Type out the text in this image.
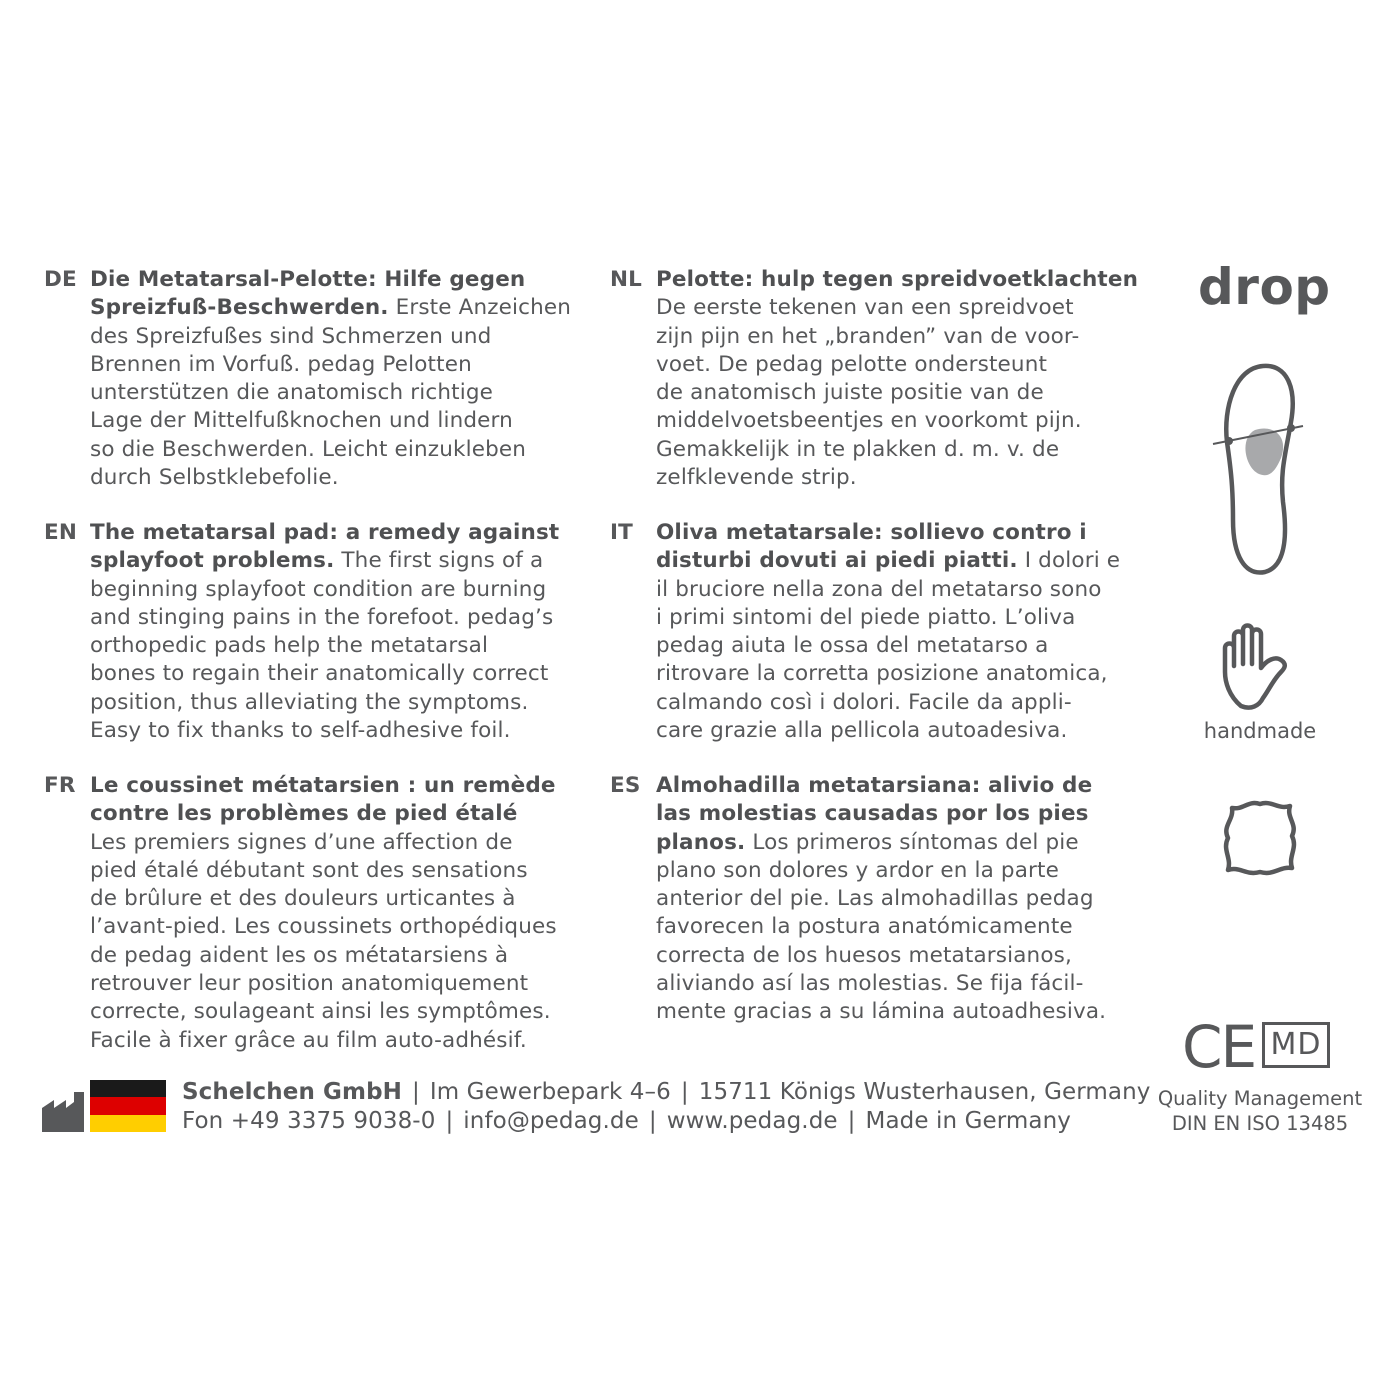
DE Die Metatarsal-Pelotte: Hilfe gegen
Spreizfuß-Beschwerden. Erste Anzeichen
des Spreizfußes sind Schmerzen und
Brennen im Vorfuß. pedag Pelotten
unterstützen die anatomisch richtige
Lage der Mittelfußknochen und lindern
so die Beschwerden. Leicht einzukleben
durch Selbstklebefolie.
NL Pelotte: hulp tegen spreidvoetklachten
De eerste tekenen van een spreidvoet
zijn pijn en het „branden” van de voor-
voet. De pedag pelotte ondersteunt
de anatomisch juiste positie van de
middelvoetsbeentjes en voorkomt pijn.
Gemakkelijk in te plakken d. m. v. de
zelfklevende strip.
EN The metatarsal pad: a remedy against
splayfoot problems. The first signs of a
beginning splayfoot condition are burning
and stinging pains in the forefoot. pedag’s
orthopedic pads help the metatarsal
bones to regain their anatomically correct
position, thus alleviating the symptoms.
Easy to fix thanks to self-adhesive foil.
IT Oliva metatarsale: sollievo contro i
disturbi dovuti ai piedi piatti. I dolori e
il bruciore nella zona del metatarso sono
i primi sintomi del piede piatto. L’oliva
pedag aiuta le ossa del metatarso a
ritrovare la corretta posizione anatomica,
calmando così i dolori. Facile da appli-
care grazie alla pellicola autoadesiva.
FR Le coussinet métatarsien : un remède
contre les problèmes de pied étalé
Les premiers signes d’une affection de
pied étalé débutant sont des sensations
de brûlure et des douleurs urticantes à
l’avant-pied. Les coussinets orthopédiques
de pedag aident les os métatarsiens à
retrouver leur position anatomiquement
correcte, soulageant ainsi les symptômes.
Facile à fixer grâce au film auto-adhésif.
ES Almohadilla metatarsiana: alivio de
las molestias causadas por los pies
planos. Los primeros síntomas del pie
plano son dolores y ardor en la parte
anterior del pie. Las almohadillas pedag
favorecen la postura anatómicamente
correcta de los huesos metatarsianos,
aliviando así las molestias. Se fija fácil-
mente gracias a su lámina autoadhesiva.
drop
handmade
CE MD
Quality Management
DIN EN ISO 13485
Schelchen GmbH | Im Gewerbepark 4–6 | 15711 Königs Wusterhausen, Germany
Fon +49 3375 9038-0 | info@pedag.de | www.pedag.de | Made in Germany
